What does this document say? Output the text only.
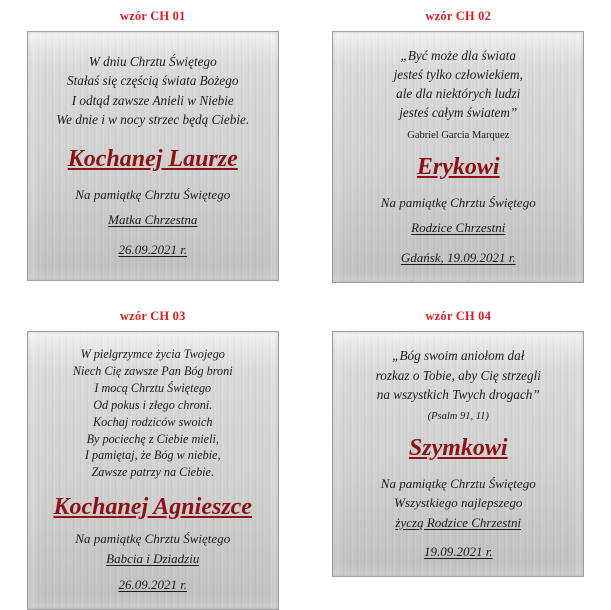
wzór CH 01
W dniu Chrztu Świętego
Stałaś się częścią świata Bożego
I odtąd zawsze Anieli w Niebie
We dnie i w nocy strzec będą Ciebie.
Kochanej Laurze
Na pamiątkę Chrztu Świętego
Matka Chrzestna
26.09.2021 r.
wzór CH 02
„Być może dla świata
jesteś tylko człowiekiem,
ale dla niektórych ludzi
jesteś całym światem”
Gabriel Garcia Marquez
Erykowi
Na pamiątkę Chrztu Świętego
Rodzice Chrzestni
Gdańsk, 19.09.2021 r.
wzór CH 03
W pielgrzymce życia Twojego
Niech Cię zawsze Pan Bóg broni
I mocą Chrztu Świętego
Od pokus i złego chroni.
Kochaj rodziców swoich
By pociechę z Ciebie mieli,
I pamiętaj, że Bóg w niebie,
Zawsze patrzy na Ciebie.
Kochanej Agnieszce
Na pamiątkę Chrztu Świętego
Babcia i Dziadziu
26.09.2021 r.
wzór CH 04
„Bóg swoim aniołom dał
rozkaz o Tobie, aby Cię strzegli
na wszystkich Twych drogach”
(Psalm 91, 11)
Szymkowi
Na pamiątkę Chrztu Świętego
Wszystkiego najlepszego
życzą Rodzice Chrzestni
19.09.2021 r.
